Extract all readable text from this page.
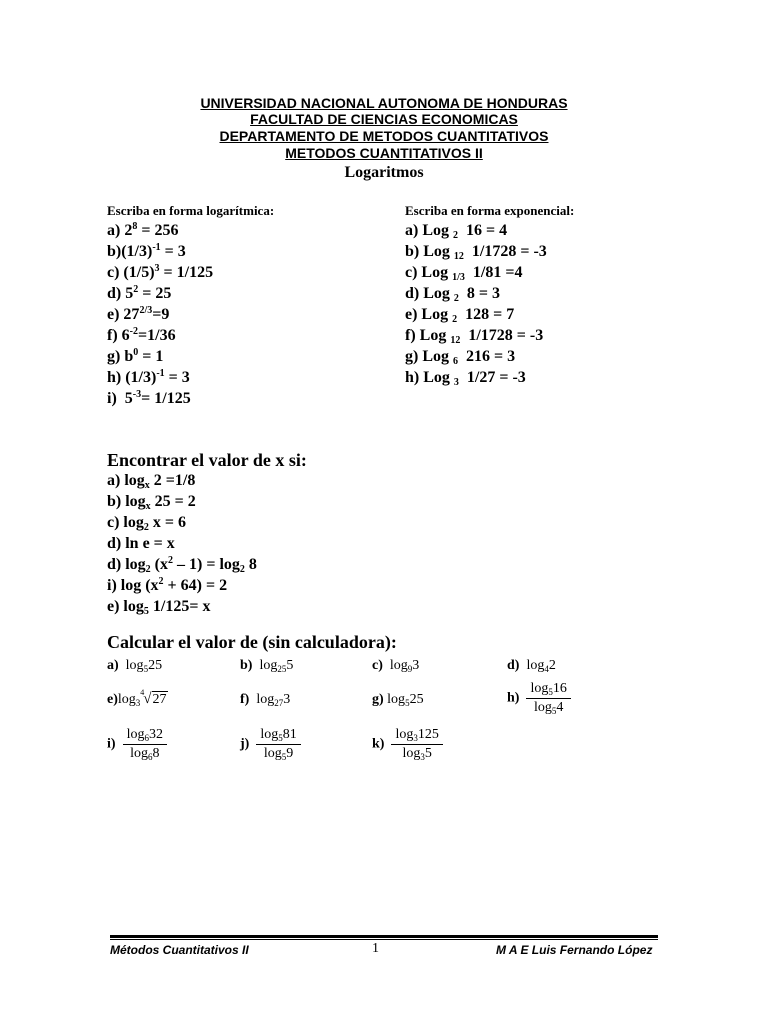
UNIVERSIDAD NACIONAL AUTONOMA DE HONDURAS
FACULTAD DE CIENCIAS ECONOMICAS
DEPARTAMENTO DE METODOS CUANTITATIVOS
METODOS CUANTITATIVOS II
Logaritmos
Escriba en forma logarítmica:
a) $2^8 = 256$
$b)(1/3)^{-1} = 3$
c) $(1/5)^3 = 1/125$
d) $5^2 = 25$
e) $27^{2/3}=9$
f) $6^{-2}=1/36$
g) $b^0 = 1$
h) $(1/3)^{-1} = 3$
i)  $5^{-3}= 1/125$
Escriba en forma exponencial:
a) Log $_2$  16 = 4
b) Log $_{12}$  1/1728 = -3
c) Log $_{1/3}$  1/81 =4
d) Log $_2$  8 = 3
e) Log $_2$  128 = 7
f) Log $_{12}$  1/1728 = -3
g) Log $_6$  216 = 3
h) Log $_3$  1/27 = -3
Encontrar el valor de x si:
a) $\log_x 2 =1/8$
b) $\log_x 25 = 2$
c) $\log_2 x = 6$
d) ln e = x
d) $\log_2 (x^2 - 1) = \log_2 8$
i) $\log (x^2 + 64) = 2$
e) $\log_5 1/125= x$
Calcular el valor de (sin calculadora):
a) $\log_525$	b) $\log_{25}5$	c) $\log_93$	d) $\log_42$
$e)\log_3^4√27$	f) $\log_{27}3$	g) $\log_525$	$h) \frac{\log_516}{\log_54}$
$i) \frac{\log_632}{\log_68}$	$j) \frac{\log_581}{\log_59}$	$k) \frac{\log_3125}{\log_35}$
Métodos Cuantitativos II	1	M A E Luis Fernando López
